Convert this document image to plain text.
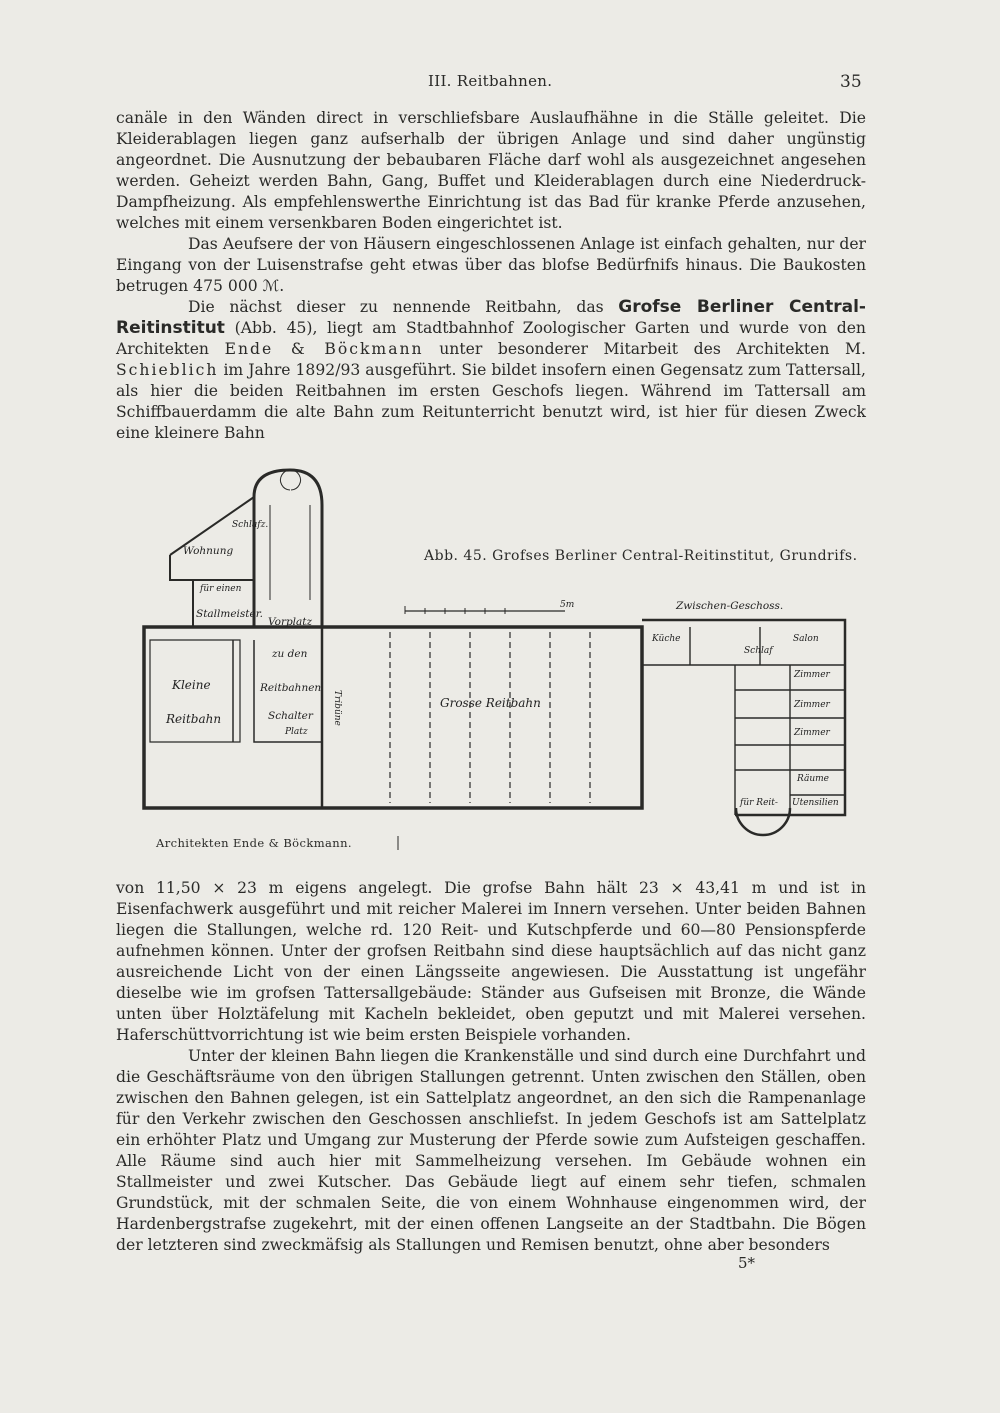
III. Reitbahnen.	35

canäle in den Wänden direct in verschliefsbare Auslaufhähne in die Ställe geleitet. Die Kleiderablagen liegen ganz aufserhalb der übrigen Anlage und sind daher ungünstig angeordnet. Die Ausnutzung der bebaubaren Fläche darf wohl als ausgezeichnet angesehen werden. Geheizt werden Bahn, Gang, Buffet und Kleiderablagen durch eine Niederdruck-Dampfheizung. Als empfehlenswerthe Einrichtung ist das Bad für kranke Pferde anzusehen, welches mit einem versenkbaren Boden eingerichtet ist.

Das Aeufsere der von Häusern eingeschlossenen Anlage ist einfach gehalten, nur der Eingang von der Luisenstrafse geht etwas über das blofse Bedürfnifs hinaus. Die Baukosten betrugen 475 000 ℳ.

Die nächst dieser zu nennende Reitbahn, das Grofse Berliner Central-Reitinstitut (Abb. 45), liegt am Stadtbahnhof Zoologischer Garten und wurde von den Architekten Ende & Böckmann unter besonderer Mitarbeit des Architekten M. Schieblich im Jahre 1892/93 ausgeführt. Sie bildet insofern einen Gegensatz zum Tattersall, als hier die beiden Reitbahnen im ersten Geschofs liegen. Während im Tattersall am Schiffbauerdamm die alte Bahn zum Reitunterricht benutzt wird, ist hier für diesen Zweck eine kleinere Bahn

Abb. 45. Grofses Berliner Central-Reitinstitut, Grundrifs.
Architekten Ende & Böckmann.
Wohnung
Schlafz.
für einen
Stallmeister.
Vorplatz
zu den
Reitbahnen
Schalter
Platz
Kleine
Reitbahn	Tribüne	Grosse Reitbahn
Zwischen-Geschoss.
Küche
Schlaf
Salon
Zimmer
Zimmer
Zimmer
Räume
für Reit- Utensilien
5m

von 11,50 × 23 m eigens angelegt. Die grofse Bahn hält 23 × 43,41 m und ist in Eisenfachwerk ausgeführt und mit reicher Malerei im Innern versehen. Unter beiden Bahnen liegen die Stallungen, welche rd. 120 Reit- und Kutschpferde und 60—80 Pensionspferde aufnehmen können. Unter der grofsen Reitbahn sind diese hauptsächlich auf das nicht ganz ausreichende Licht von der einen Längsseite angewiesen. Die Ausstattung ist ungefähr dieselbe wie im grofsen Tattersallgebäude: Ständer aus Gufseisen mit Bronze, die Wände unten über Holztäfelung mit Kacheln bekleidet, oben geputzt und mit Malerei versehen. Haferschüttvorrichtung ist wie beim ersten Beispiele vorhanden.

Unter der kleinen Bahn liegen die Krankenställe und sind durch eine Durchfahrt und die Geschäftsräume von den übrigen Stallungen getrennt. Unten zwischen den Ställen, oben zwischen den Bahnen gelegen, ist ein Sattelplatz angeordnet, an den sich die Rampenanlage für den Verkehr zwischen den Geschossen anschliefst. In jedem Geschofs ist am Sattelplatz ein erhöhter Platz und Umgang zur Musterung der Pferde sowie zum Aufsteigen geschaffen. Alle Räume sind auch hier mit Sammelheizung versehen. Im Gebäude wohnen ein Stallmeister und zwei Kutscher. Das Gebäude liegt auf einem sehr tiefen, schmalen Grundstück, mit der schmalen Seite, die von einem Wohnhause eingenommen wird, der Hardenbergstrafse zugekehrt, mit der einen offenen Langseite an der Stadtbahn. Die Bögen der letzteren sind zweckmäfsig als Stallungen und Remisen benutzt, ohne aber besonders

5*
